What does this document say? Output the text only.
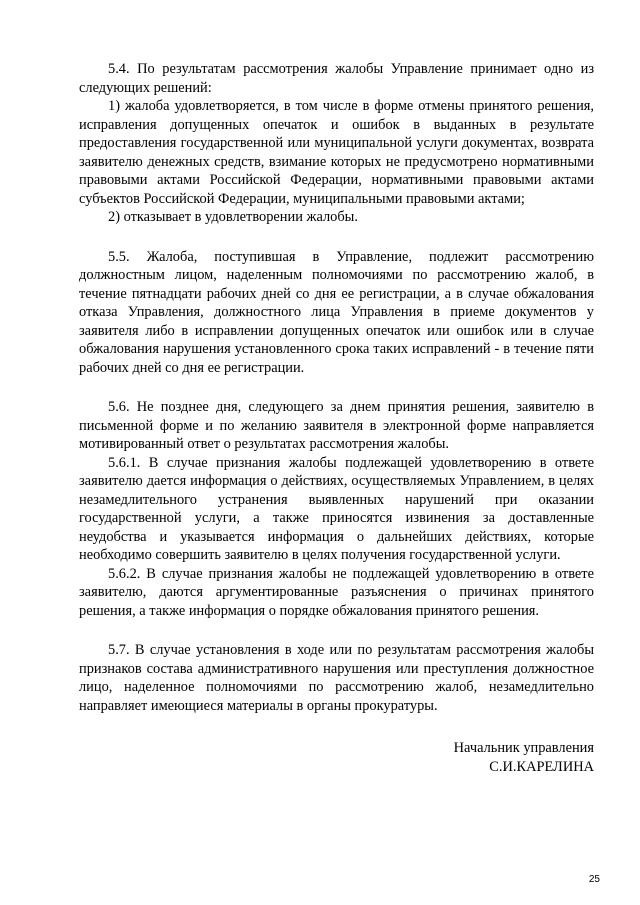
5.4. По результатам рассмотрения жалобы Управление принимает одно из следующих решений:

1) жалоба удовлетворяется, в том числе в форме отмены принятого решения, исправления допущенных опечаток и ошибок в выданных в результате предоставления государственной или муниципальной услуги документах, возврата заявителю денежных средств, взимание которых не предусмотрено нормативными правовыми актами Российской Федерации, нормативными правовыми актами субъектов Российской Федерации, муниципальными правовыми актами;

2) отказывает в удовлетворении жалобы.

5.5. Жалоба, поступившая в Управление, подлежит рассмотрению должностным лицом, наделенным полномочиями по рассмотрению жалоб, в течение пятнадцати рабочих дней со дня ее регистрации, а в случае обжалования отказа Управления, должностного лица Управления в приеме документов у заявителя либо в исправлении допущенных опечаток или ошибок или в случае обжалования нарушения установленного срока таких исправлений - в течение пяти рабочих дней со дня ее регистрации.

5.6. Не позднее дня, следующего за днем принятия решения, заявителю в письменной форме и по желанию заявителя в электронной форме направляется мотивированный ответ о результатах рассмотрения жалобы.

5.6.1. В случае признания жалобы подлежащей удовлетворению в ответе заявителю дается информация о действиях, осуществляемых Управлением, в целях незамедлительного устранения выявленных нарушений при оказании государственной услуги, а также приносятся извинения за доставленные неудобства и указывается информация о дальнейших действиях, которые необходимо совершить заявителю в целях получения государственной услуги.

5.6.2. В случае признания жалобы не подлежащей удовлетворению в ответе заявителю, даются аргументированные разъяснения о причинах принятого решения, а также информация о порядке обжалования принятого решения.

5.7. В случае установления в ходе или по результатам рассмотрения жалобы признаков состава административного нарушения или преступления должностное лицо, наделенное полномочиями по рассмотрению жалоб, незамедлительно направляет имеющиеся материалы в органы прокуратуры.

Начальник управления
С.И.КАРЕЛИНА
25
